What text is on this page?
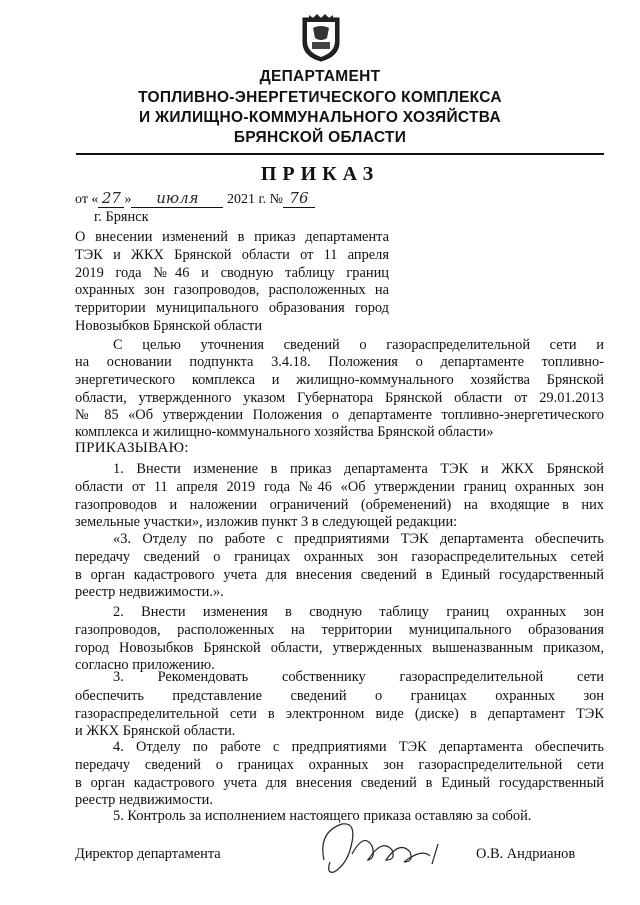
ДЕПАРТАМЕНТ
ТОПЛИВНО-ЭНЕРГЕТИЧЕСКОГО КОМПЛЕКСА
И ЖИЛИЩНО-КОММУНАЛЬНОГО ХОЗЯЙСТВА
БРЯНСКОЙ ОБЛАСТИ
ПРИКАЗ
от « 27 » июля 2021 г. № 76
г. Брянск
О внесении изменений в приказ департамента
ТЭК и ЖКХ Брянской области от 11 апреля
2019 года №46 и сводную таблицу границ
охранных зон газопроводов, расположенных на
территории муниципального образования город
Новозыбков Брянской области
С целью уточнения сведений о газораспределительной сети и
на основании подпункта 3.4.18. Положения о департаменте топливно-
энергетического комплекса и жилищно-коммунального хозяйства Брянской
области, утвержденного указом Губернатора Брянской области от 29.01.2013
№ 85 «Об утверждении Положения о департаменте топливно-энергетического
комплекса и жилищно-коммунального хозяйства Брянской области»
ПРИКАЗЫВАЮ:
1. Внести изменение в приказ департамента ТЭК и ЖКХ Брянской
области от 11 апреля 2019 года №46 «Об утверждении границ охранных зон
газопроводов и наложении ограничений (обременений) на входящие в них
земельные участки», изложив пункт 3 в следующей редакции:
«3. Отделу по работе с предприятиями ТЭК департамента обеспечить
передачу сведений о границах охранных зон газораспределительных сетей
в орган кадастрового учета для внесения сведений в Единый государственный
реестр недвижимости.».
2. Внести изменения в сводную таблицу границ охранных зон
газопроводов, расположенных на территории муниципального образования
город Новозыбков Брянской области, утвержденных вышеназванным приказом,
согласно приложению.
3. Рекомендовать собственнику газораспределительной сети
обеспечить представление сведений о границах охранных зон
газораспределительной сети в электронном виде (диске) в департамент ТЭК
и ЖКХ Брянской области.
4. Отделу по работе с предприятиями ТЭК департамента обеспечить
передачу сведений о границах охранных зон газораспределительной сети
в орган кадастрового учета для внесения сведений в Единый государственный
реестр недвижимости.
5. Контроль за исполнением настоящего приказа оставляю за собой.
Директор департамента	О.В. Андрианов
